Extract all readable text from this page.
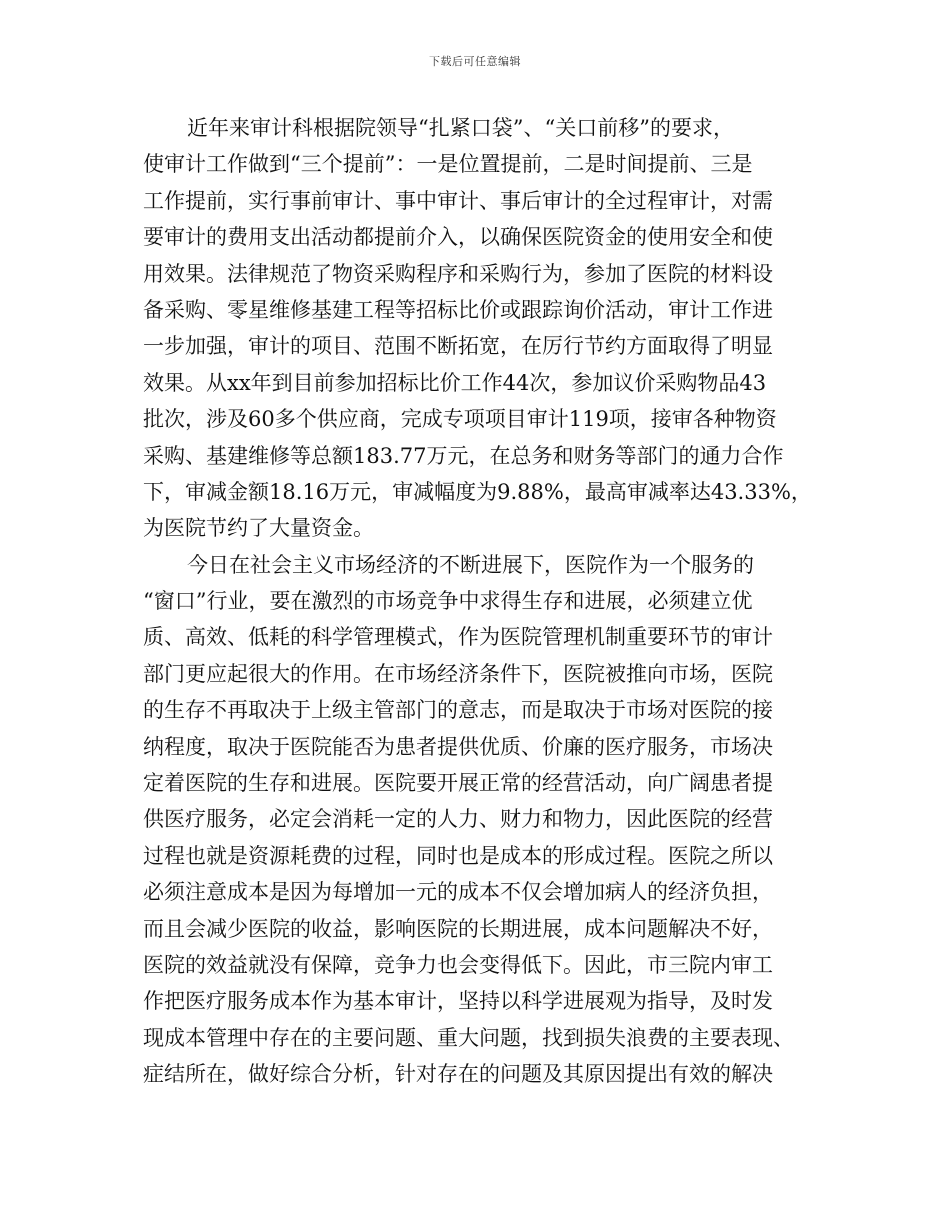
下载后可任意编辑
近年来审计科根据院领导“扎紧口袋”、“关口前移”的要求，
使审计工作做到“三个提前”：一是位置提前，二是时间提前、三是
工作提前，实行事前审计、事中审计、事后审计的全过程审计，对需
要审计的费用支出活动都提前介入，以确保医院资金的使用安全和使
用效果。法律规范了物资采购程序和采购行为，参加了医院的材料设
备采购、零星维修基建工程等招标比价或跟踪询价活动，审计工作进
一步加强，审计的项目、范围不断拓宽，在厉行节约方面取得了明显
效果。从xx年到目前参加招标比价工作44次，参加议价采购物品43
批次，涉及60多个供应商，完成专项项目审计119项，接审各种物资
采购、基建维修等总额183.77万元，在总务和财务等部门的通力合作
下，审减金额18.16万元，审减幅度为9.88%，最高审减率达43.33%，
为医院节约了大量资金。
今日在社会主义市场经济的不断进展下，医院作为一个服务的
“窗口”行业，要在激烈的市场竞争中求得生存和进展，必须建立优
质、高效、低耗的科学管理模式，作为医院管理机制重要环节的审计
部门更应起很大的作用。在市场经济条件下，医院被推向市场，医院
的生存不再取决于上级主管部门的意志，而是取决于市场对医院的接
纳程度，取决于医院能否为患者提供优质、价廉的医疗服务，市场决
定着医院的生存和进展。医院要开展正常的经营活动，向广阔患者提
供医疗服务，必定会消耗一定的人力、财力和物力，因此医院的经营
过程也就是资源耗费的过程，同时也是成本的形成过程。医院之所以
必须注意成本是因为每增加一元的成本不仅会增加病人的经济负担，
而且会减少医院的收益，影响医院的长期进展，成本问题解决不好，
医院的效益就没有保障，竞争力也会变得低下。因此，市三院内审工
作把医疗服务成本作为基本审计，坚持以科学进展观为指导，及时发
现成本管理中存在的主要问题、重大问题，找到损失浪费的主要表现、
症结所在，做好综合分析，针对存在的问题及其原因提出有效的解决
